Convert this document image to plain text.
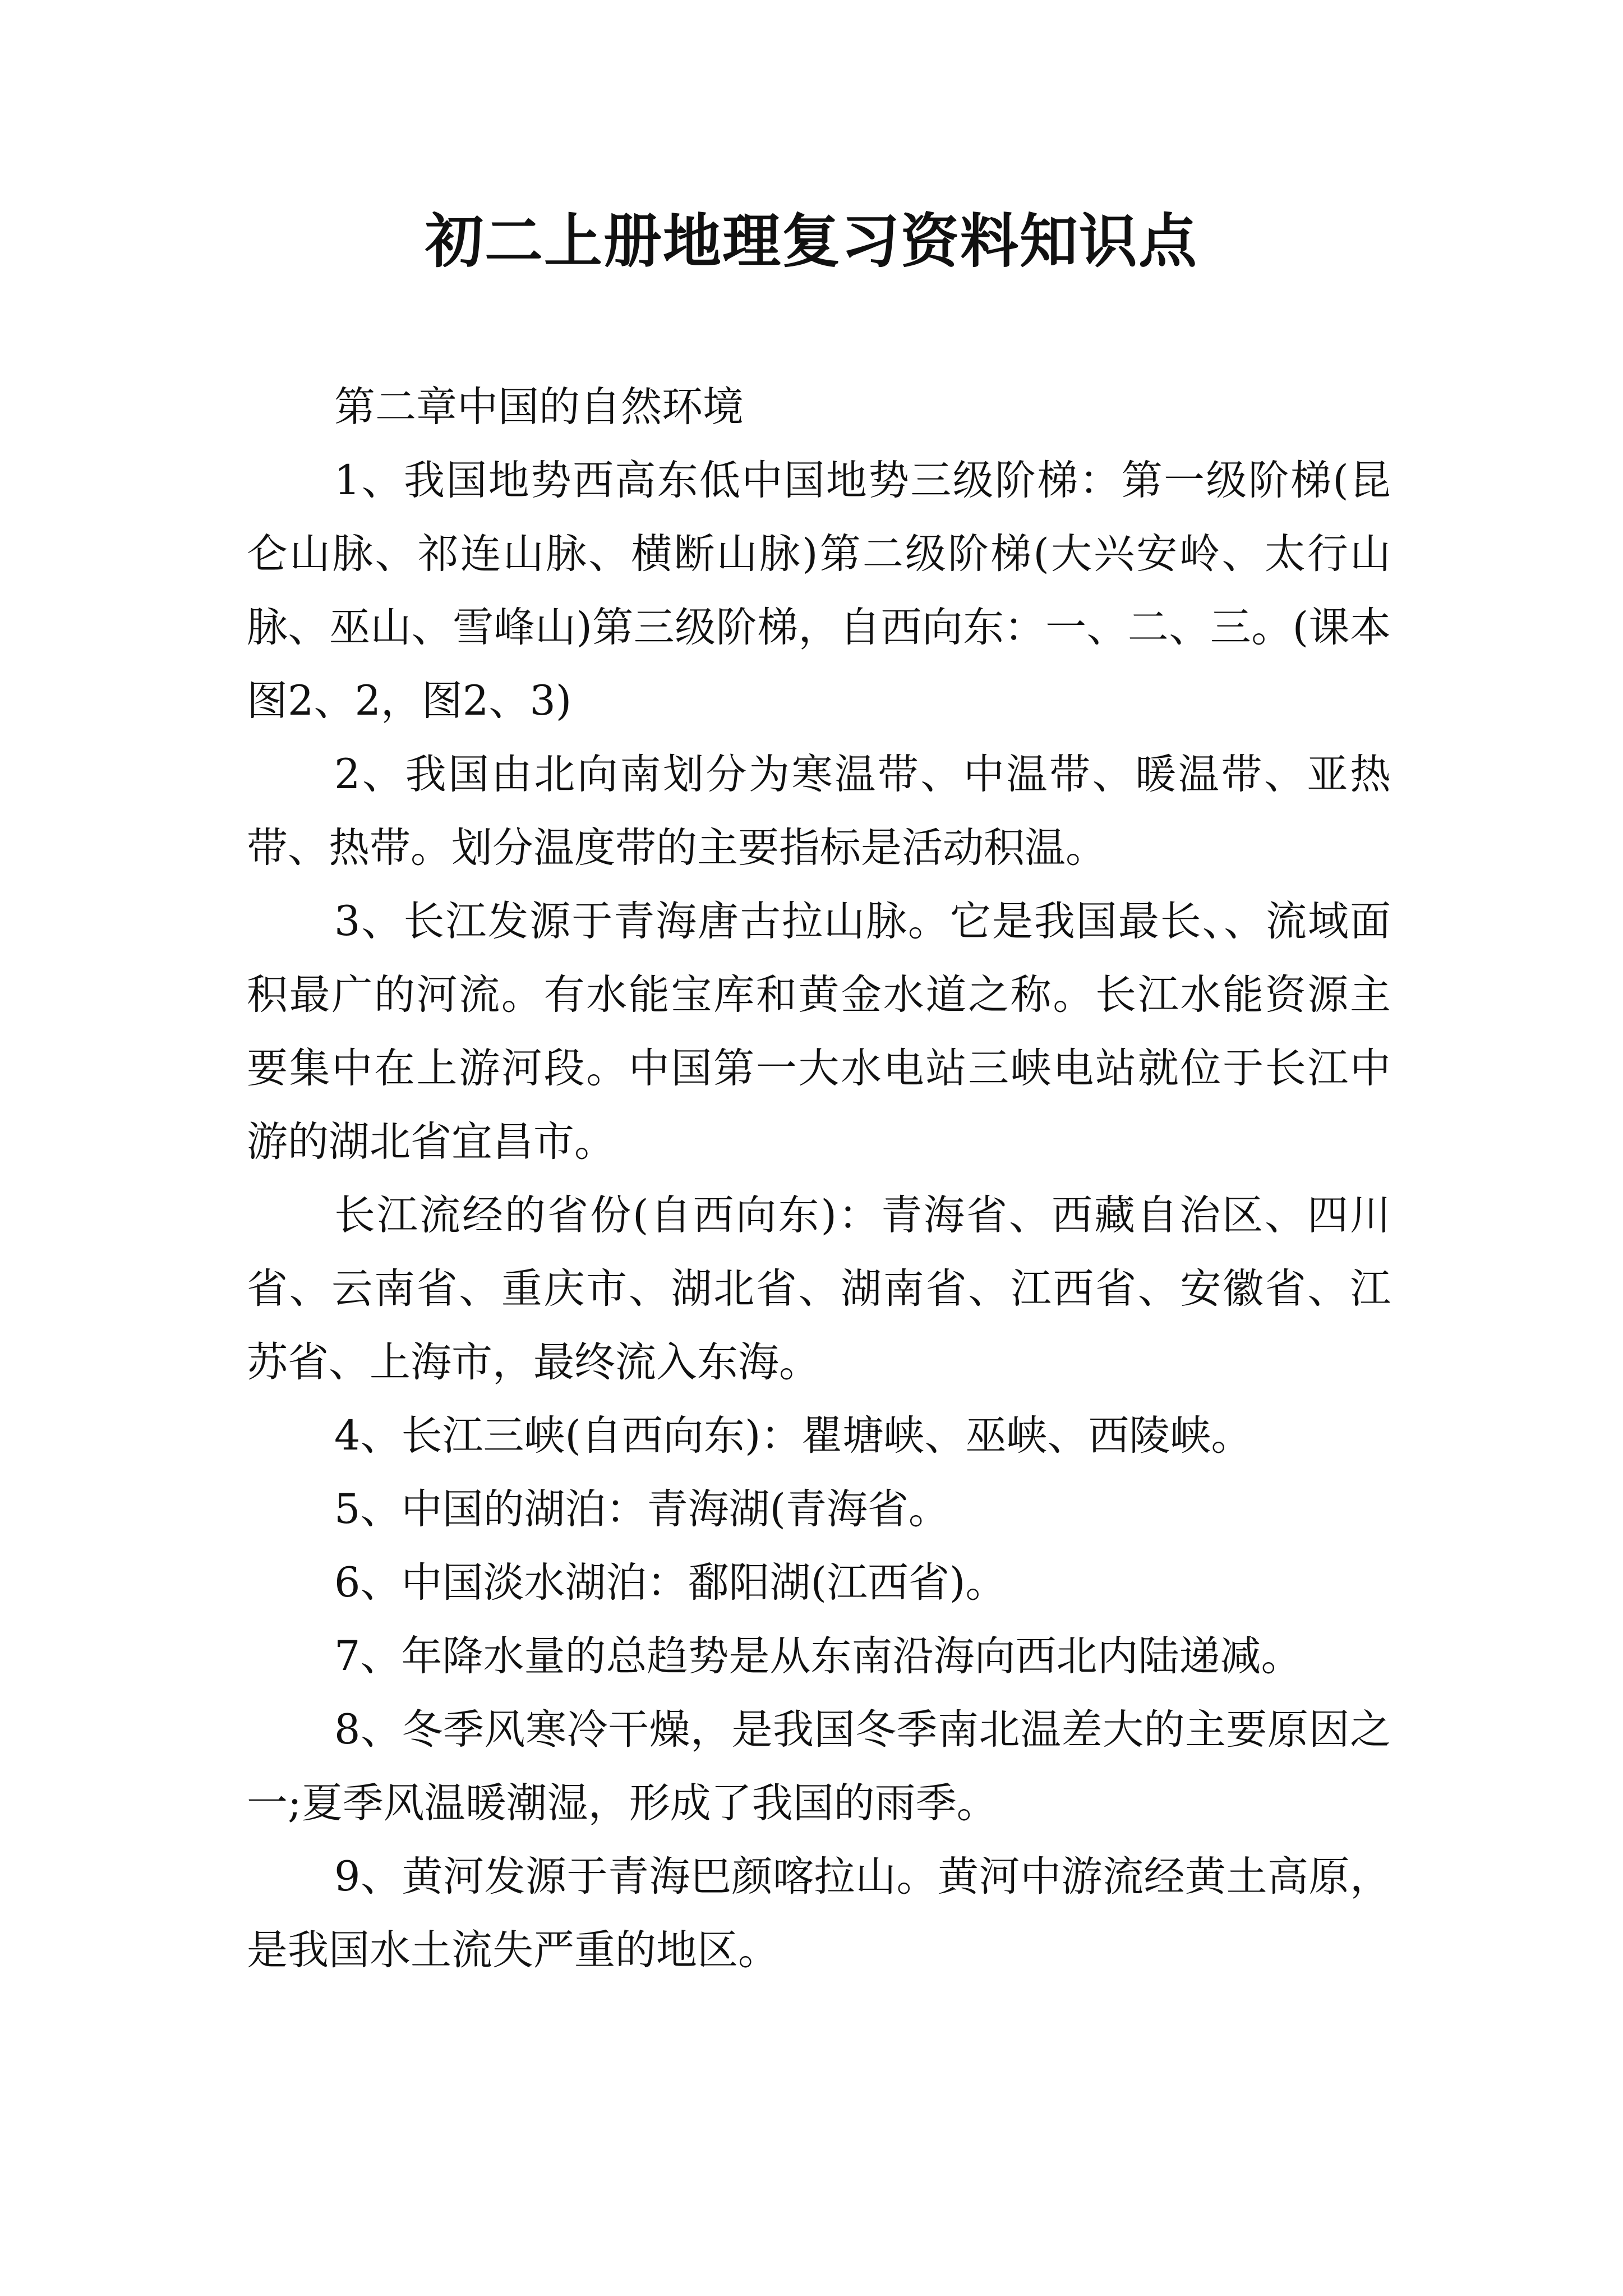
初二上册地理复习资料知识点

第二章中国的自然环境

1、我国地势西高东低中国地势三级阶梯：第一级阶梯(昆仑山脉、祁连山脉、横断山脉)第二级阶梯(大兴安岭、太行山脉、巫山、雪峰山)第三级阶梯，自西向东：一、二、三。(课本图2、2，图2、3)

2、我国由北向南划分为寒温带、中温带、暖温带、亚热带、热带。划分温度带的主要指标是活动积温。

3、长江发源于青海唐古拉山脉。它是我国最长、、流域面积最广的河流。有水能宝库和黄金水道之称。长江水能资源主要集中在上游河段。中国第一大水电站三峡电站就位于长江中游的湖北省宜昌市。

长江流经的省份(自西向东)：青海省、西藏自治区、四川省、云南省、重庆市、湖北省、湖南省、江西省、安徽省、江苏省、上海市，最终流入东海。

4、长江三峡(自西向东)：瞿塘峡、巫峡、西陵峡。

5、中国的湖泊：青海湖(青海省。

6、中国淡水湖泊：鄱阳湖(江西省)。

7、年降水量的总趋势是从东南沿海向西北内陆递减。

8、冬季风寒冷干燥，是我国冬季南北温差大的主要原因之一;夏季风温暖潮湿，形成了我国的雨季。

9、黄河发源于青海巴颜喀拉山。黄河中游流经黄土高原，是我国水土流失严重的地区。
